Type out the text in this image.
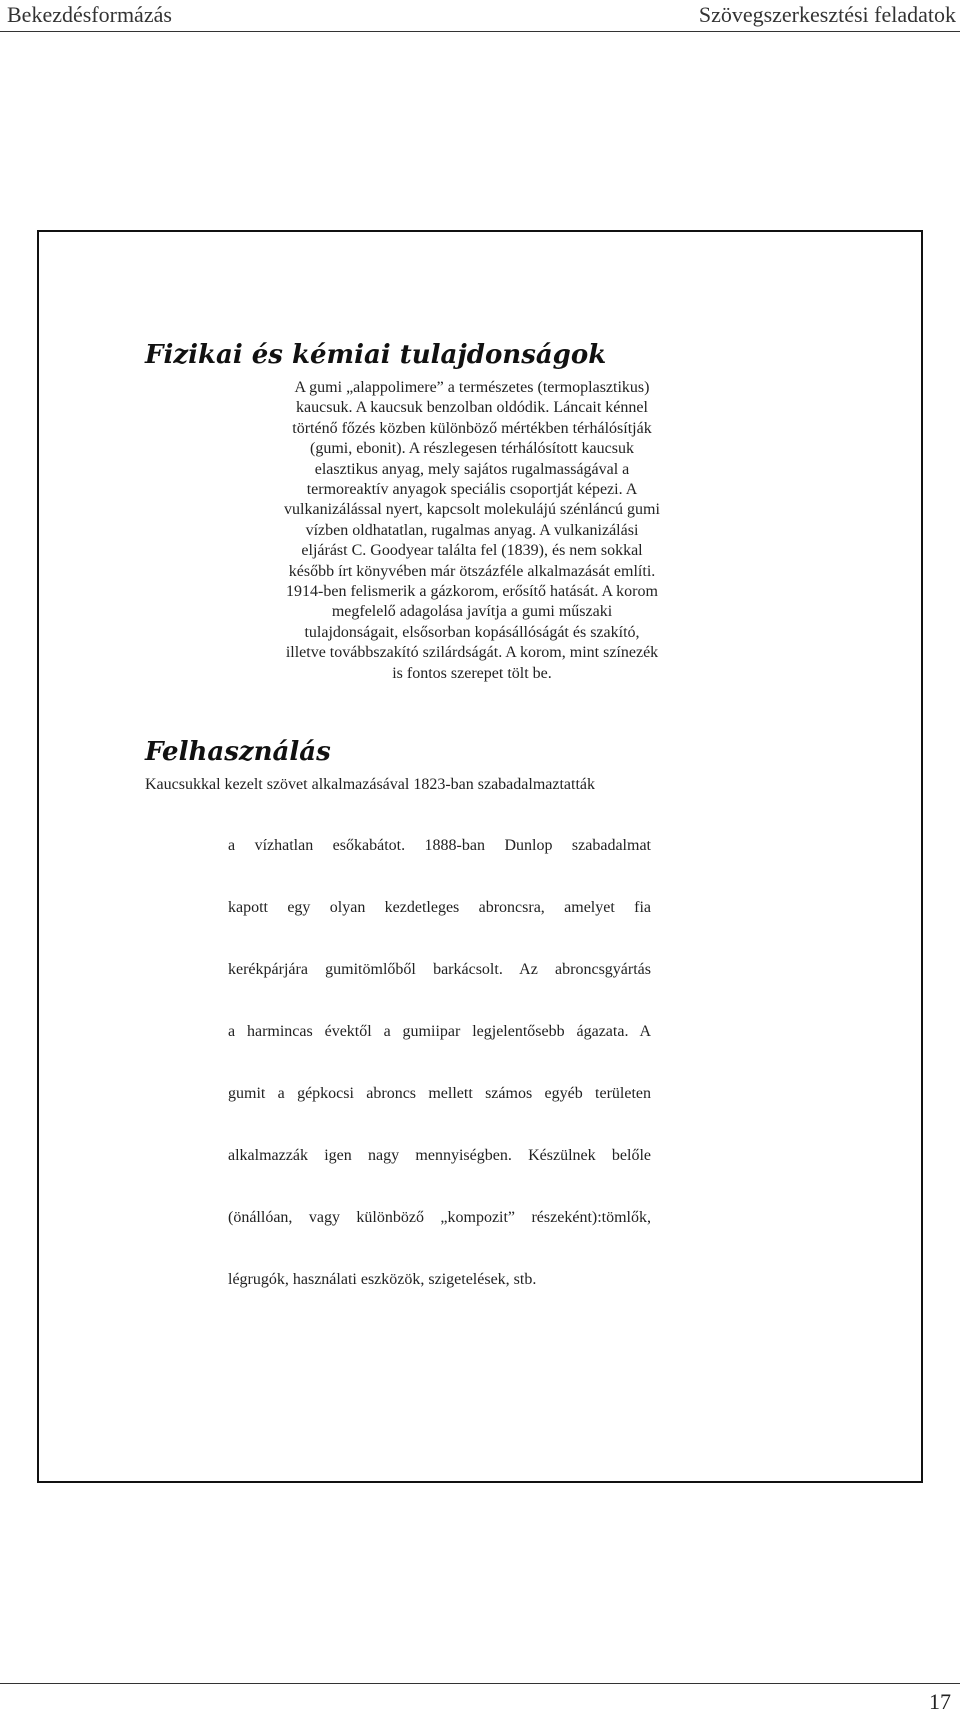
Bekezdésformázás	Szövegszerkesztési feladatok
Fizikai és kémiai tulajdonságok

A gumi „alappolimere” a természetes (termoplasztikus)
kaucsuk. A kaucsuk benzolban oldódik. Láncait kénnel
történő főzés közben különböző mértékben térhálósítják
(gumi, ebonit). A részlegesen térhálósított kaucsuk
elasztikus anyag, mely sajátos rugalmasságával a
termoreaktív anyagok speciális csoportját képezi. A
vulkanizálással nyert, kapcsolt molekulájú szénláncú gumi
vízben oldhatatlan, rugalmas anyag. A vulkanizálási
eljárást C. Goodyear találta fel (1839), és nem sokkal
később írt könyvében már ötszázféle alkalmazását említi.
1914-ben felismerik a gázkorom, erősítő hatását. A korom
megfelelő adagolása javítja a gumi műszaki
tulajdonságait, elsősorban kopásállóságát és szakító,
illetve továbbszakító szilárdságát. A korom, mint színezék
is fontos szerepet tölt be.

Felhasználás
Kaucsukkal kezelt szövet alkalmazásával 1823-ban szabadalmaztatták
a vízhatlan esőkabátot. 1888-ban Dunlop szabadalmat
kapott egy olyan kezdetleges abroncsra, amelyet fia
kerékpárjára gumitömlőből barkácsolt. Az abroncsgyártás
a harmincas évektől a gumiipar legjelentősebb ágazata. A
gumit a gépkocsi abroncs mellett számos egyéb területen
alkalmazzák igen nagy mennyiségben. Készülnek belőle
(önállóan, vagy különböző „kompozit” részeként):tömlők,
légrugók, használati eszközök, szigetelések, stb.
17
